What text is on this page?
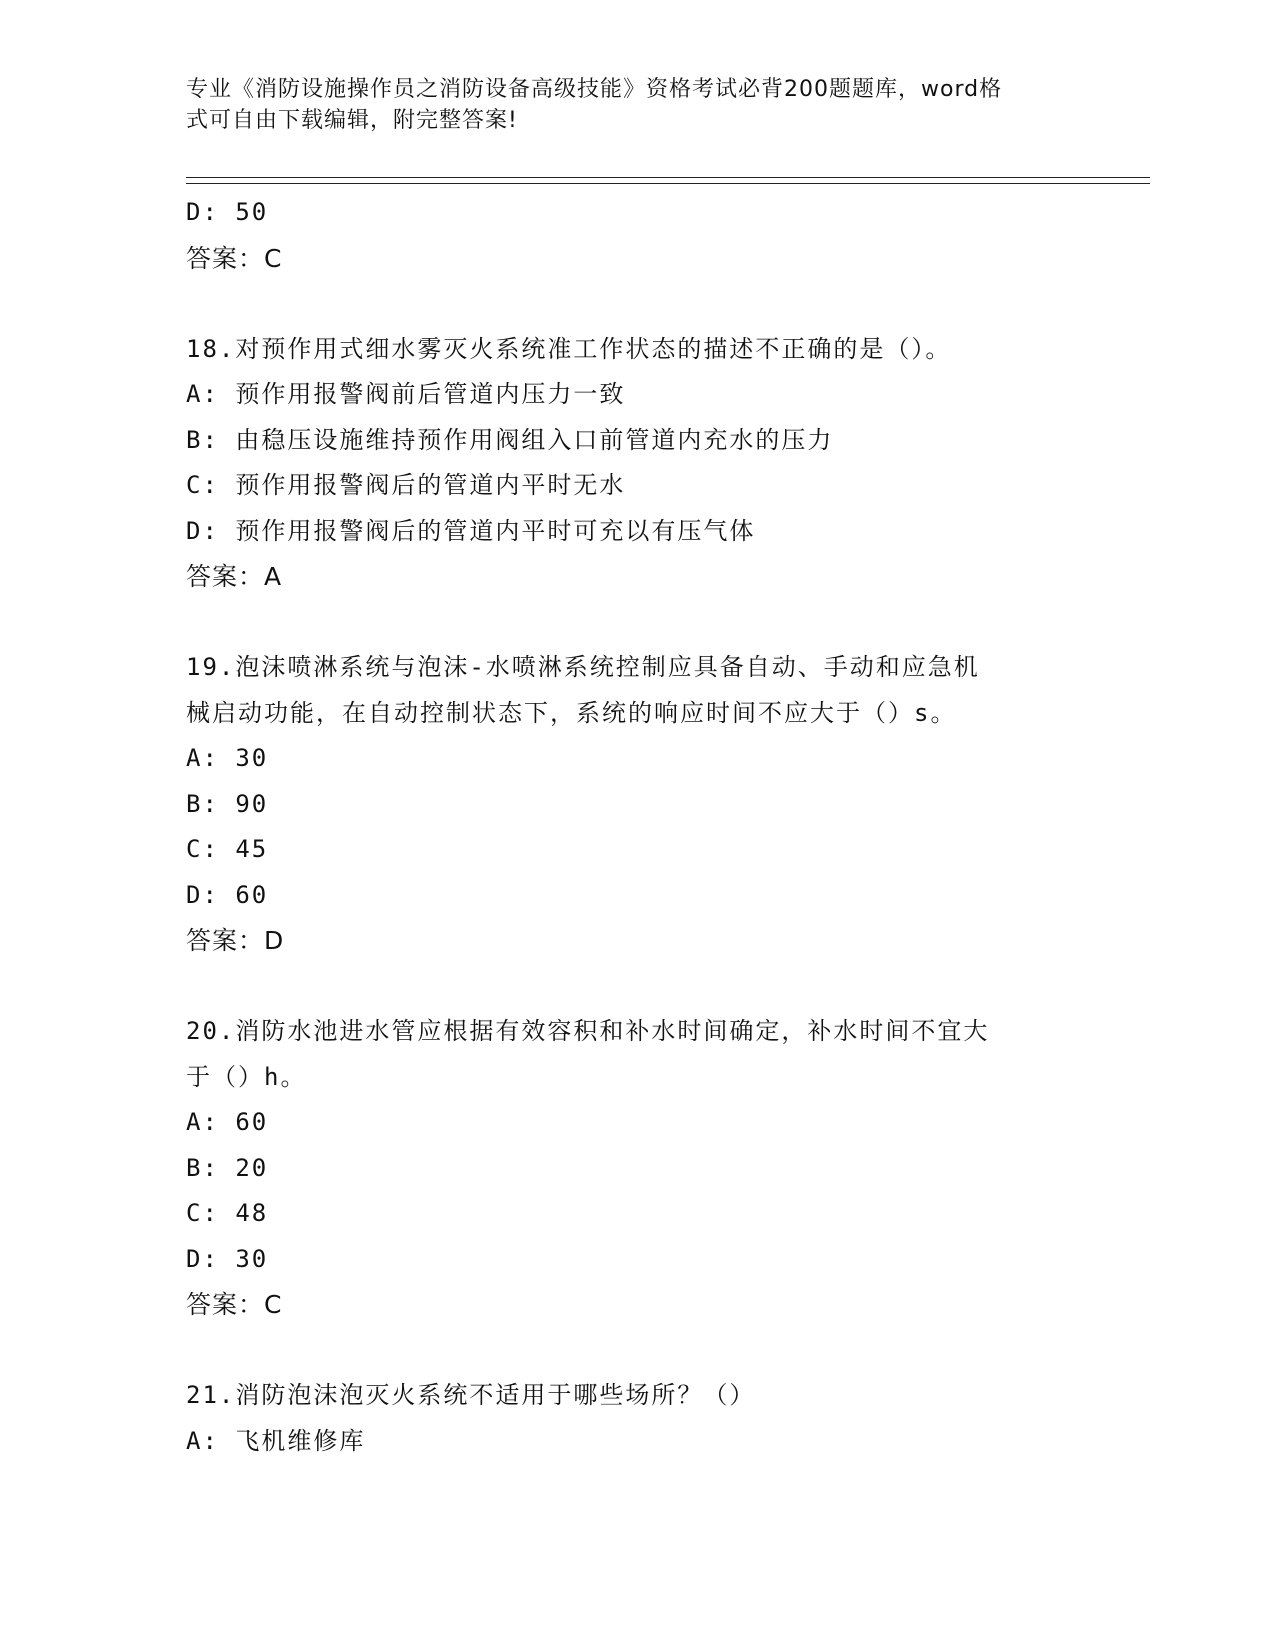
专业《消防设施操作员之消防设备高级技能》资格考试必背200题题库，word格
式可自由下载编辑，附完整答案!
D: 50
答案：C
18.对预作用式细水雾灭火系统准工作状态的描述不正确的是（）。
A: 预作用报警阀前后管道内压力一致
B: 由稳压设施维持预作用阀组入口前管道内充水的压力
C: 预作用报警阀后的管道内平时无水
D: 预作用报警阀后的管道内平时可充以有压气体
答案：A
19.泡沫喷淋系统与泡沫-水喷淋系统控制应具备自动、手动和应急机
械启动功能，在自动控制状态下，系统的响应时间不应大于（）s。
A: 30
B: 90
C: 45
D: 60
答案：D
20.消防水池进水管应根据有效容积和补水时间确定，补水时间不宜大
于（）h。
A: 60
B: 20
C: 48
D: 30
答案：C
21.消防泡沫泡灭火系统不适用于哪些场所？（）
A: 飞机维修库
